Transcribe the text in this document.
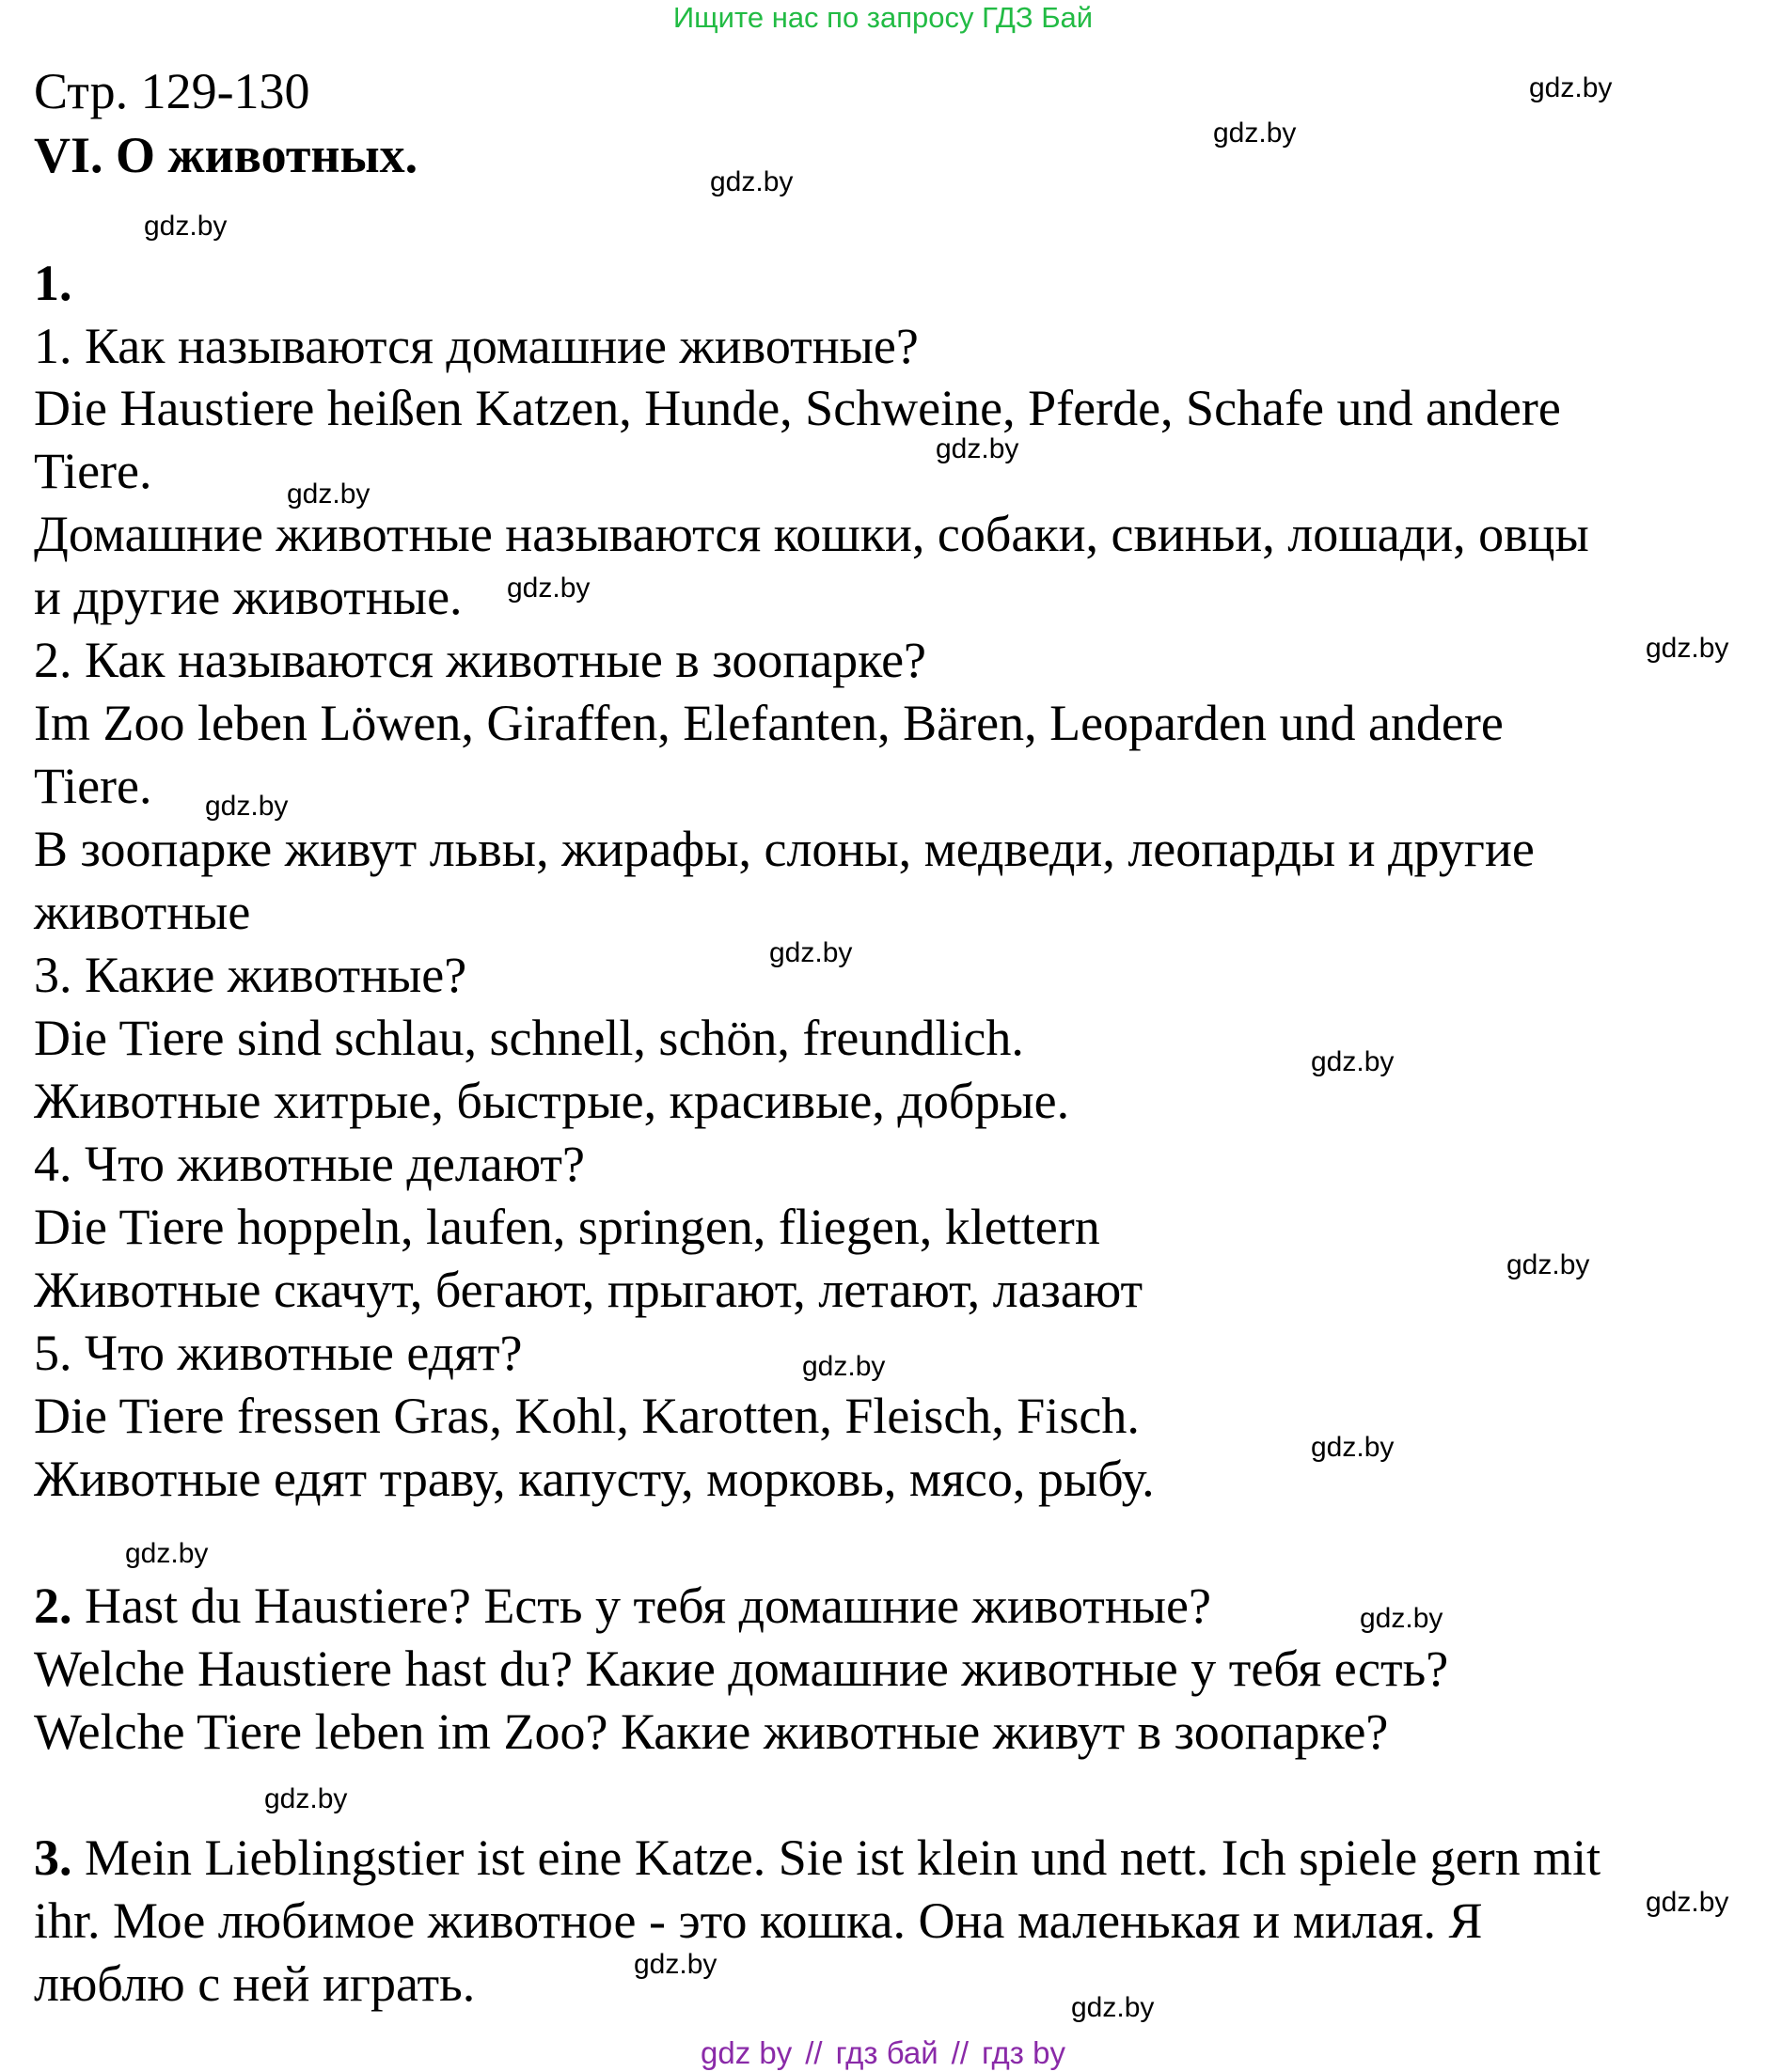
Ищите нас по запросу ГДЗ Бай
Стр. 129-130
VI. О животных.
1.
1. Как называются домашние животные?
Die Haustiere heißen Katzen, Hunde, Schweine, Pferde, Schafe und andere
Tiere.
Домашние животные называются кошки, собаки, свиньи, лошади, овцы
и другие животные.
2. Как называются животные в зоопарке?
Im Zoo leben Löwen, Giraffen, Elefanten, Bären, Leoparden und andere
Tiere.
В зоопарке живут львы, жирафы, слоны, медведи, леопарды и другие
животные
3. Какие животные?
Die Tiere sind schlau, schnell, schön, freundlich.
Животные хитрые, быстрые, красивые, добрые.
4. Что животные делают?
Die Tiere hoppeln, laufen, springen, fliegen, klettern
Животные скачут, бегают, прыгают, летают, лазают
5. Что животные едят?
Die Tiere fressen Gras, Kohl, Karotten, Fleisch, Fisch.
Животные едят траву, капусту, морковь, мясо, рыбу.
2. Hast du Haustiere? Есть у тебя домашние животные?
Welche Haustiere hast du? Какие домашние животные у тебя есть?
Welche Tiere leben im Zoo? Какие животные живут в зоопарке?
3. Mein Lieblingstier ist eine Katze. Sie ist klein und nett. Ich spiele gern mit
ihr. Мое любимое животное - это кошка. Она маленькая и милая. Я
люблю с ней играть.
gdz.by
gdz.by
gdz.by
gdz.by
gdz.by
gdz.by
gdz.by
gdz.by
gdz.by
gdz.by
gdz.by
gdz.by
gdz.by
gdz.by
gdz.by
gdz.by
gdz.by
gdz.by
gdz.by
gdz.by
gdz by // гдз бай // гдз by
